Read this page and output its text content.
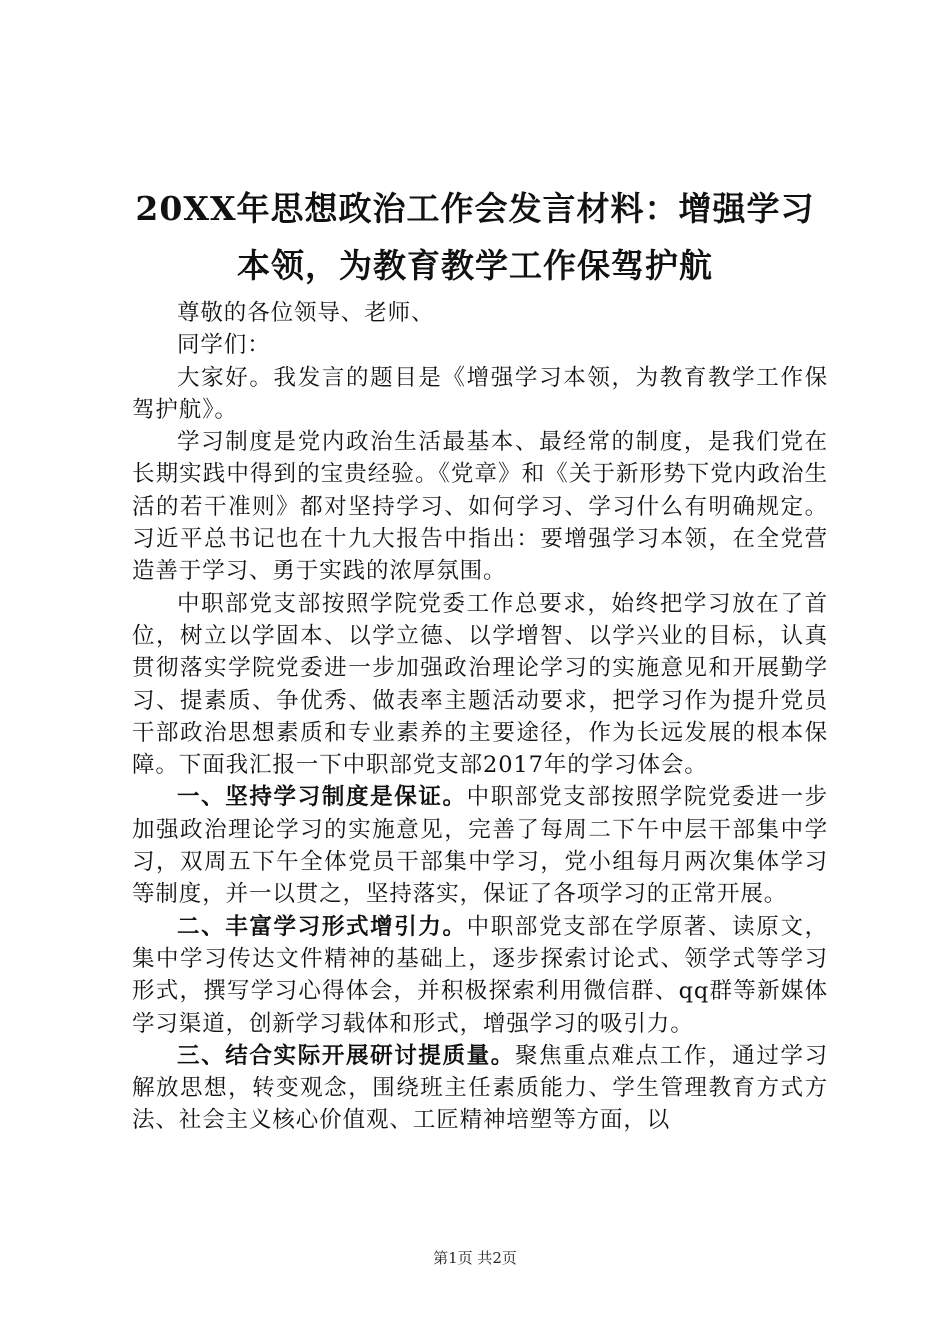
20XX年思想政治工作会发言材料：增强学习
本领，为教育教学工作保驾护航

尊敬的各位领导、老师、

同学们：

大家好。我发言的题目是《增强学习本领，为教育教学工作保驾护航》。

学习制度是党内政治生活最基本、最经常的制度，是我们党在长期实践中得到的宝贵经验。《党章》和《关于新形势下党内政治生活的若干准则》都对坚持学习、如何学习、学习什么有明确规定。习近平总书记也在十九大报告中指出：要增强学习本领，在全党营造善于学习、勇于实践的浓厚氛围。

中职部党支部按照学院党委工作总要求，始终把学习放在了首位，树立以学固本、以学立德、以学增智、以学兴业的目标，认真贯彻落实学院党委进一步加强政治理论学习的实施意见和开展勤学习、提素质、争优秀、做表率主题活动要求，把学习作为提升党员干部政治思想素质和专业素养的主要途径，作为长远发展的根本保障。下面我汇报一下中职部党支部2017年的学习体会。

一、坚持学习制度是保证。中职部党支部按照学院党委进一步加强政治理论学习的实施意见，完善了每周二下午中层干部集中学习，双周五下午全体党员干部集中学习，党小组每月两次集体学习等制度，并一以贯之，坚持落实，保证了各项学习的正常开展。

二、丰富学习形式增引力。中职部党支部在学原著、读原文，集中学习传达文件精神的基础上，逐步探索讨论式、领学式等学习形式，撰写学习心得体会，并积极探索利用微信群、qq群等新媒体学习渠道，创新学习载体和形式，增强学习的吸引力。

三、结合实际开展研讨提质量。聚焦重点难点工作，通过学习解放思想，转变观念，围绕班主任素质能力、学生管理教育方式方法、社会主义核心价值观、工匠精神培塑等方面，以

第1页 共2页
